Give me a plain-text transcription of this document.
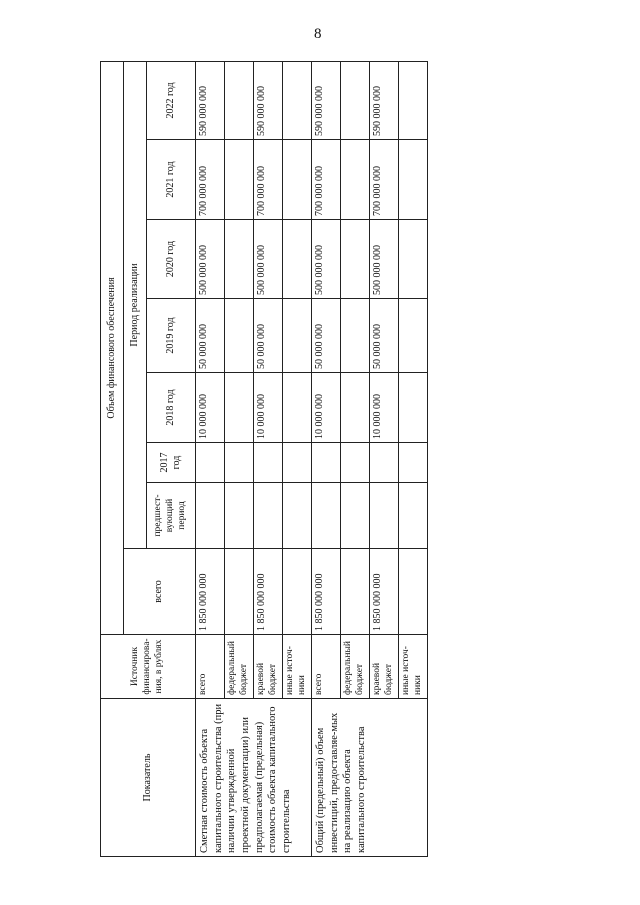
8
Показатель	Источник финансирова-ния, в рублях	Объем финансового обеспечения							
		всего	Период реализации						
			предшест-вующий период	2017 год	2018 год	2019 год	2020 год	2021 год	2022 год
Сметная стоимость объекта капитального строительства (при наличии утвержденной проектной документации) или предполагаемая (предельная) стоимость объекта капитального строительства	всего	1 850 000 000			10 000 000	50 000 000	500 000 000	700 000 000	590 000 000
	федеральный бюджет								
	краевой бюджет	1 850 000 000			10 000 000	50 000 000	500 000 000	700 000 000	590 000 000
	иные источ-ники								
Общий (предельный) объем инвестиций, предоставляе-мых на реализацию объекта капитального строительства	всего	1 850 000 000			10 000 000	50 000 000	500 000 000	700 000 000	590 000 000
	федеральный бюджет								
	краевой бюджет	1 850 000 000			10 000 000	50 000 000	500 000 000	700 000 000	590 000 000
	иные источ-ники								
